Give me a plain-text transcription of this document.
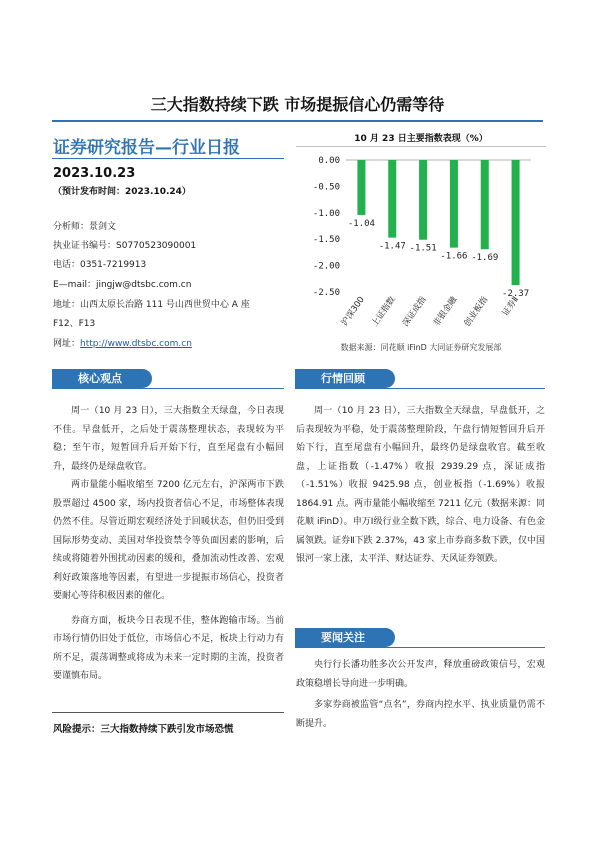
三大指数持续下跌 市场提振信心仍需等待
证券研究报告—行业日报
2023.10.23
（预计发布时间：2023.10.24）
分析师：景剑文
执业证书编号：S0770523090001
电话：0351-7219913
E—mail：jingjw@dtsbc.com.cn
地址：山西太原长治路 111 号山西世贸中心 A 座
F12、F13
网址：http://www.dtsbc.com.cn
10 月 23 日主要指数表现（%）
0.00
-0.50
-1.00
-1.50
-2.00
-2.50
-1.04
沪深300
-1.47
上证指数
-1.51
深证成指
-1.66
非银金融
-1.69
创业板指
-2.37
证券Ⅱ
数据来源：同花顺 iFinD 大同证券研究发展部
核心观点

周一（10 月 23 日），三大指数全天绿盘，今日表现不佳。早盘低开，之后处于震荡整理状态，表现较为平稳；至午市，短暂回升后开始下行，直至尾盘有小幅回升，最终仍是绿盘收官。

两市量能小幅收缩至 7200 亿元左右，沪深两市下跌股票超过 4500 家，场内投资者信心不足，市场整体表现仍然不佳。尽管近期宏观经济处于回暖状态，但仍旧受到国际形势变动、美国对华投资禁令等负面因素的影响，后续或将随着外围扰动因素的缓和，叠加流动性改善、宏观利好政策落地等因素，有望进一步提振市场信心，投资者要耐心等待积极因素的催化。

券商方面，板块今日表现不佳，整体跑输市场。当前市场行情仍旧处于低位，市场信心不足，板块上行动力有所不足，震荡调整或将成为未来一定时期的主流，投资者要谨慎布局。

风险提示：三大指数持续下跌引发市场恐慌
行情回顾

周一（10 月 23 日），三大指数全天绿盘，早盘低开，之后表现较为平稳，处于震荡整理阶段，午盘行情短暂回升后开始下行，直至尾盘有小幅回升，最终仍是绿盘收官。截至收盘，上证指数（-1.47%）收报 2939.29 点，深证成指（-1.51%）收报 9425.98 点，创业板指（-1.69%）收报 1864.91 点。两市量能小幅收缩至 7211 亿元（数据来源：同花顺 iFinD）。申万Ⅰ级行业全数下跌，综合、电力设备、有色金属领跌。证券Ⅱ下跌 2.37%，43 家上市券商多数下跌，仅中国银河一家上涨，太平洋、财达证券、天风证券领跌。

要闻关注

央行行长潘功胜多次公开发声，释放重磅政策信号，宏观政策稳增长导向进一步明确。

多家券商被监管“点名”，券商内控水平、执业质量仍需不断提升。
